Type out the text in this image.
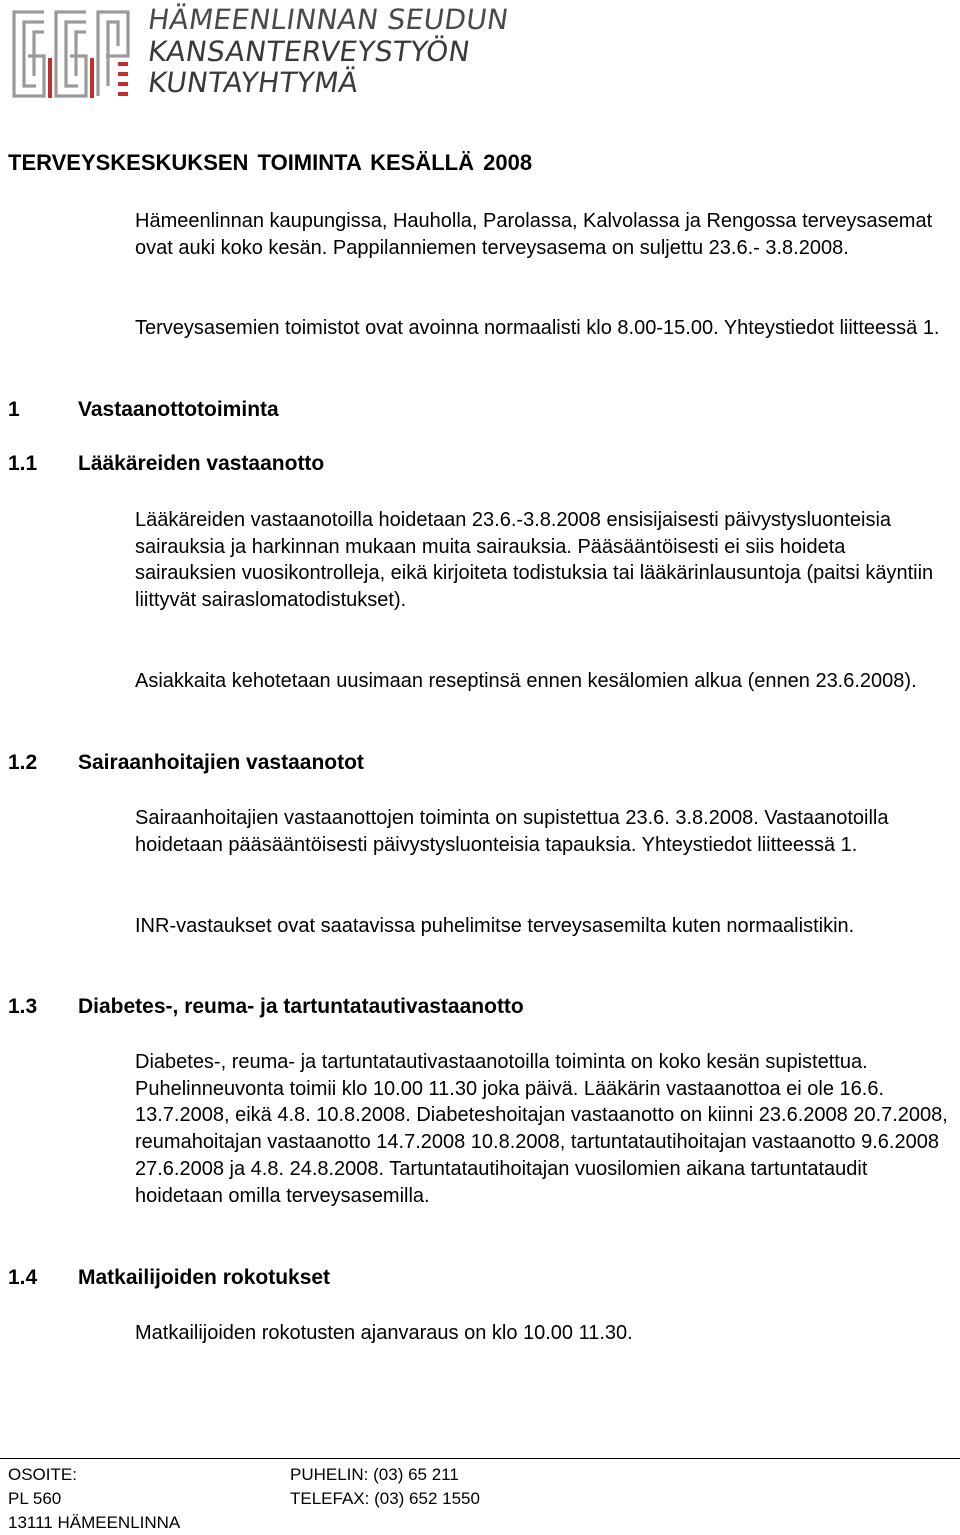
HÄMEENLINNAN SEUDUN
KANSANTERVEYSTYÖN
KUNTAYHTYMÄ
TERVEYSKESKUKSEN TOIMINTA KESÄLLÄ 2008

Hämeenlinnan kaupungissa, Hauholla, Parolassa, Kalvolassa ja Rengossa terveysasemat ovat auki koko kesän. Pappilanniemen terveysasema on suljettu 23.6.- 3.8.2008.

Terveysasemien toimistot ovat avoinna normaalisti klo 8.00-15.00. Yhteystiedot liitteessä 1.

1	Vastaanottotoiminta
1.1 Lääkäreiden vastaanotto

Lääkäreiden vastaanotoilla hoidetaan 23.6.-3.8.2008 ensisijaisesti päivystysluonteisia sairauksia ja harkinnan mukaan muita sairauksia. Pääsääntöisesti ei siis hoideta sairauksien vuosikontrolleja, eikä kirjoiteta todistuksia tai lääkärinlausuntoja (paitsi käyntiin liittyvät sairaslomatodistukset).

Asiakkaita kehotetaan uusimaan reseptinsä ennen kesälomien alkua (ennen 23.6.2008).

1.2 Sairaanhoitajien vastaanotot

Sairaanhoitajien vastaanottojen toiminta on supistettua 23.6. 3.8.2008. Vastaanotoilla hoidetaan pääsääntöisesti päivystysluonteisia tapauksia. Yhteystiedot liitteessä 1.

INR-vastaukset ovat saatavissa puhelimitse terveysasemilta kuten normaalistikin.

1.3 Diabetes-, reuma- ja tartuntatautivastaanotto

Diabetes-, reuma- ja tartuntatautivastaanotoilla toiminta on koko kesän supistettua. Puhelinneuvonta toimii klo 10.00 11.30 joka päivä. Lääkärin vastaanottoa ei ole 16.6. 13.7.2008, eikä 4.8. 10.8.2008. Diabeteshoitajan vastaanotto on kiinni 23.6.2008 20.7.2008, reumahoitajan vastaanotto 14.7.2008 10.8.2008, tartuntatautihoitajan vastaanotto 9.6.2008 27.6.2008 ja 4.8. 24.8.2008. Tartuntatautihoitajan vuosilomien aikana tartuntataudit hoidetaan omilla terveysasemilla.

1.4 Matkailijoiden rokotukset

Matkailijoiden rokotusten ajanvaraus on klo 10.00 11.30.

OSOITE:
PL 560
13111 HÄMEENLINNA
PUHELIN: (03) 65 211
TELEFAX: (03) 652 1550
